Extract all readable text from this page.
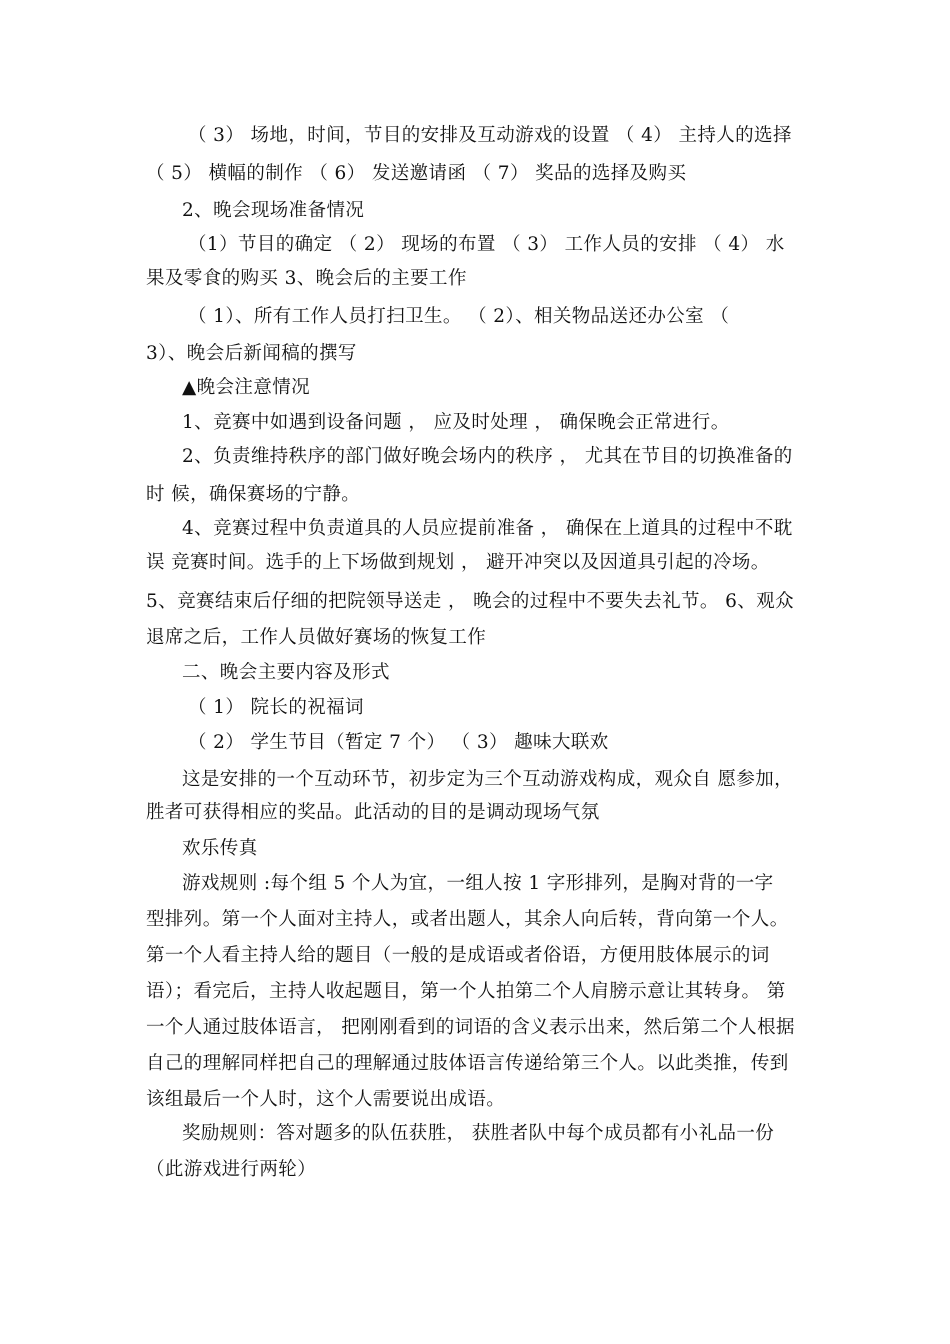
（ 3） 场地，时间，节目的安排及互动游戏的设置 （ 4） 主持人的选择
（ 5） 横幅的制作 （ 6） 发送邀请函 （ 7） 奖品的选择及购买
2、晚会现场准备情况
（1）节目的确定 （ 2） 现场的布置 （ 3） 工作人员的安排 （ 4） 水
果及零食的购买 3、晚会后的主要工作
（ 1）、所有工作人员打扫卫生。 （ 2）、相关物品送还办公室 （
3）、晚会后新闻稿的撰写
▲晚会注意情况
1、竞赛中如遇到设备问题 ， 应及时处理 ， 确保晚会正常进行。
2、负责维持秩序的部门做好晚会场内的秩序 ， 尤其在节目的切换准备的
时 候，确保赛场的宁静。
4、竞赛过程中负责道具的人员应提前准备 ， 确保在上道具的过程中不耽
误 竞赛时间。选手的上下场做到规划 ， 避开冲突以及因道具引起的冷场。
5、竞赛结束后仔细的把院领导送走 ， 晚会的过程中不要失去礼节。 6、观众
退席之后，工作人员做好赛场的恢复工作
二、晚会主要内容及形式
（ 1） 院长的祝福词
（ 2） 学生节目（暂定 7 个） （ 3） 趣味大联欢
这是安排的一个互动环节，初步定为三个互动游戏构成，观众自 愿参加，
胜者可获得相应的奖品。此活动的目的是调动现场气氛
欢乐传真
游戏规则 :每个组 5 个人为宜，一组人按 1 字形排列，是胸对背的一字
型排列。第一个人面对主持人，或者出题人，其余人向后转，背向第一个人。
第一个人看主持人给的题目（一般的是成语或者俗语，方便用肢体展示的词
语）；看完后，主持人收起题目，第一个人拍第二个人肩膀示意让其转身。 第
一个人通过肢体语言， 把刚刚看到的词语的含义表示出来，然后第二个人根据
自己的理解同样把自己的理解通过肢体语言传递给第三个人。以此类推，传到
该组最后一个人时，这个人需要说出成语。
奖励规则：答对题多的队伍获胜， 获胜者队中每个成员都有小礼品一份
（此游戏进行两轮）
